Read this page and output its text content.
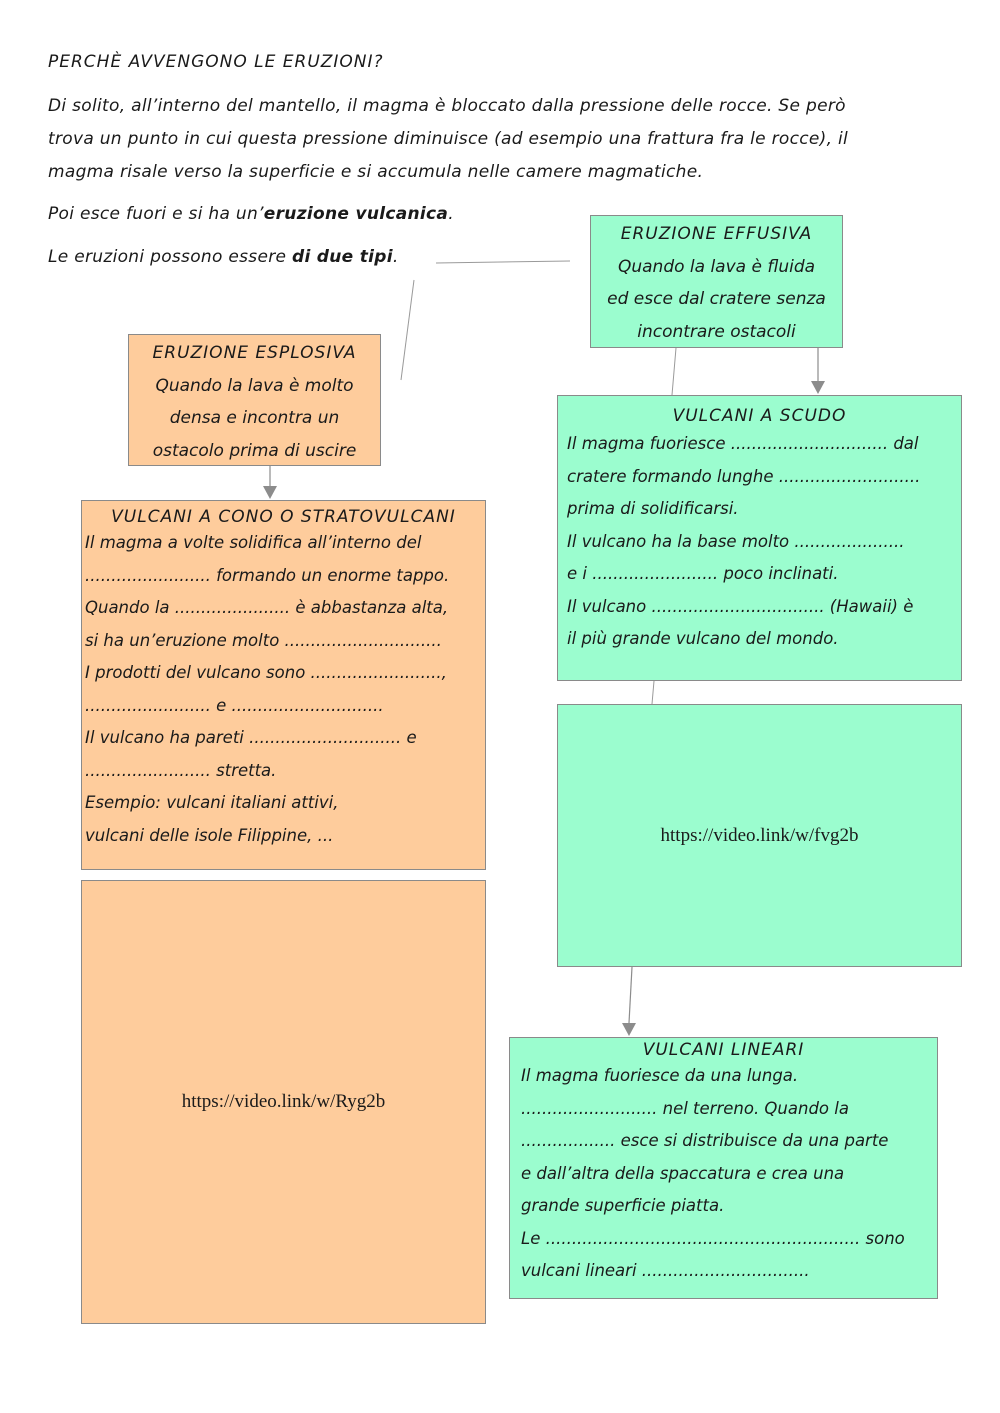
PERCHÈ AVVENGONO LE ERUZIONI?
Di solito, all’interno del mantello, il magma è bloccato dalla pressione delle rocce. Se però
trova un punto in cui questa pressione diminuisce (ad esempio una frattura fra le rocce), il
magma risale verso la superficie e si accumula nelle camere magmatiche.
Poi esce fuori e si ha un’eruzione vulcanica.
Le eruzioni possono essere di due tipi.
ERUZIONE EFFUSIVA
Quando la lava è fluida
ed esce dal cratere senza
incontrare ostacoli
ERUZIONE ESPLOSIVA
Quando la lava è molto
densa e incontra un
ostacolo prima di uscire
VULCANI A SCUDO
Il magma fuoriesce .............................. dal
cratere formando lunghe ...........................
prima di solidificarsi.
Il vulcano ha la base molto .....................
e i ........................ poco inclinati.
Il vulcano ................................. (Hawaii) è
il più grande vulcano del mondo.
VULCANI A CONO O STRATOVULCANI
Il magma a volte solidifica all’interno del
........................ formando un enorme tappo.
Quando la ...................... è abbastanza alta,
si ha un’eruzione molto ..............................
I prodotti del vulcano sono .........................,
........................ e .............................
Il vulcano ha pareti ............................. e
........................ stretta.
Esempio: vulcani italiani attivi,
vulcani delle isole Filippine, ...	https://video.link/w/fvg2b
https://video.link/w/Ryg2b
VULCANI LINEARI
Il magma fuoriesce da una lunga.
.......................... nel terreno. Quando la
.................. esce si distribuisce da una parte
e dall’altra della spaccatura e crea una
grande superficie piatta.
Le ............................................................ sono
vulcani lineari ................................
